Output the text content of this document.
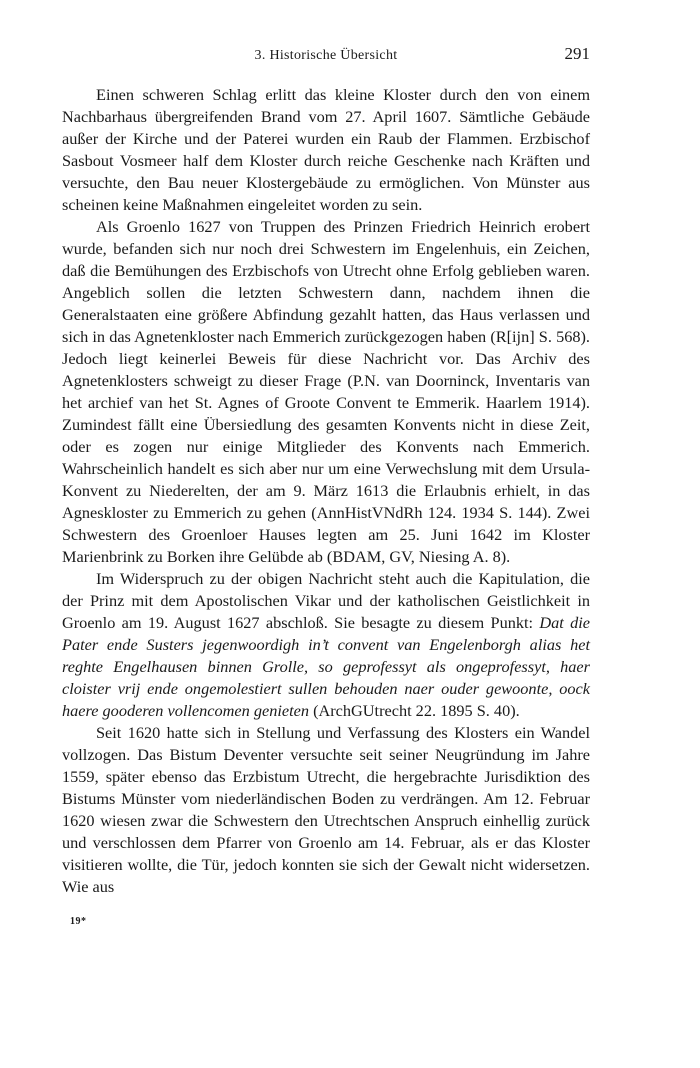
3. Historische Übersicht	291

Einen schweren Schlag erlitt das kleine Kloster durch den von einem Nachbarhaus übergreifenden Brand vom 27. April 1607. Sämtliche Gebäude außer der Kirche und der Paterei wurden ein Raub der Flammen. Erzbischof Sasbout Vosmeer half dem Kloster durch reiche Geschenke nach Kräften und versuchte, den Bau neuer Klostergebäude zu ermöglichen. Von Münster aus scheinen keine Maßnahmen eingeleitet worden zu sein.

Als Groenlo 1627 von Truppen des Prinzen Friedrich Heinrich erobert wurde, befanden sich nur noch drei Schwestern im Engelenhuis, ein Zeichen, daß die Bemühungen des Erzbischofs von Utrecht ohne Erfolg geblieben waren. Angeblich sollen die letzten Schwestern dann, nachdem ihnen die Generalstaaten eine größere Abfindung gezahlt hatten, das Haus verlassen und sich in das Agnetenkloster nach Emmerich zurückgezogen haben (R[ijn] S. 568). Jedoch liegt keinerlei Beweis für diese Nachricht vor. Das Archiv des Agnetenklosters schweigt zu dieser Frage (P.N. van Doorninck, Inventaris van het archief van het St. Agnes of Groote Convent te Emmerik. Haarlem 1914). Zumindest fällt eine Übersiedlung des gesamten Konvents nicht in diese Zeit, oder es zogen nur einige Mitglieder des Konvents nach Emmerich. Wahrscheinlich handelt es sich aber nur um eine Verwechslung mit dem Ursula-Konvent zu Niederelten, der am 9. März 1613 die Erlaubnis erhielt, in das Agneskloster zu Emmerich zu gehen (AnnHistVNdRh 124. 1934 S. 144). Zwei Schwestern des Groenloer Hauses legten am 25. Juni 1642 im Kloster Marienbrink zu Borken ihre Gelübde ab (BDAM, GV, Niesing A. 8).

Im Widerspruch zu der obigen Nachricht steht auch die Kapitulation, die der Prinz mit dem Apostolischen Vikar und der katholischen Geistlichkeit in Groenlo am 19. August 1627 abschloß. Sie besagte zu diesem Punkt: Dat die Pater ende Susters jegenwoordigh in’t convent van Engelenborgh alias het reghte Engelhausen binnen Grolle, so geprofessyt als ongeprofessyt, haer cloister vrij ende ongemolestiert sullen behouden naer ouder gewoonte, oock haere gooderen vollencomen genieten (ArchGUtrecht 22. 1895 S. 40).

Seit 1620 hatte sich in Stellung und Verfassung des Klosters ein Wandel vollzogen. Das Bistum Deventer versuchte seit seiner Neugründung im Jahre 1559, später ebenso das Erzbistum Utrecht, die hergebrachte Jurisdiktion des Bistums Münster vom niederländischen Boden zu verdrängen. Am 12. Februar 1620 wiesen zwar die Schwestern den Utrechtschen Anspruch einhellig zurück und verschlossen dem Pfarrer von Groenlo am 14. Februar, als er das Kloster visitieren wollte, die Tür, jedoch konnten sie sich der Gewalt nicht widersetzen. Wie aus

19*
